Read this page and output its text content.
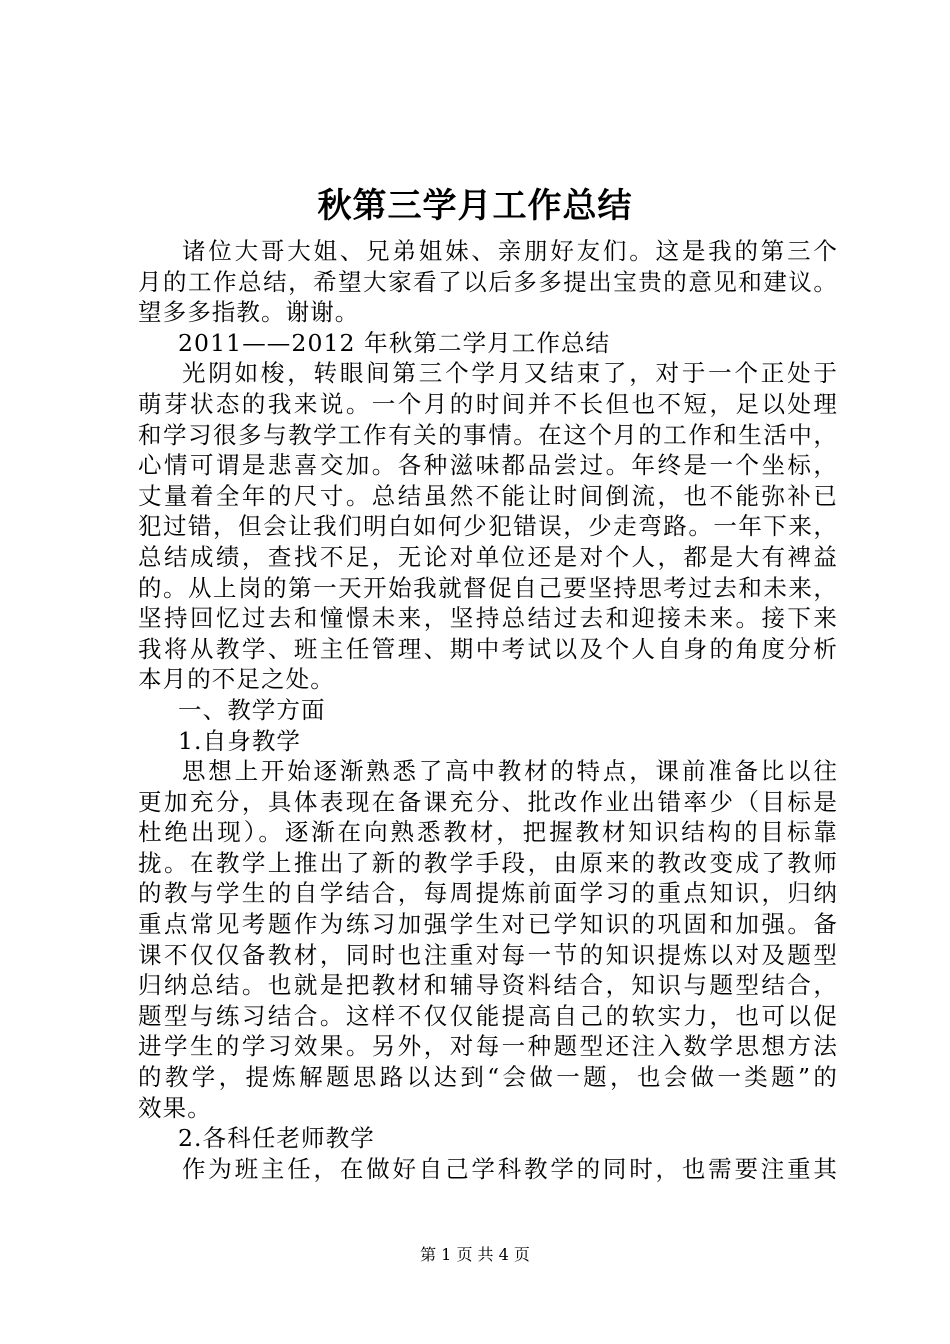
秋第三学月工作总结
诸位大哥大姐、兄弟姐妹、亲朋好友们。这是我的第三个
月的工作总结，希望大家看了以后多多提出宝贵的意见和建议。
望多多指教。谢谢。
2011——2012 年秋第二学月工作总结
光阴如梭，转眼间第三个学月又结束了，对于一个正处于
萌芽状态的我来说。一个月的时间并不长但也不短，足以处理
和学习很多与教学工作有关的事情。在这个月的工作和生活中，
心情可谓是悲喜交加。各种滋味都品尝过。年终是一个坐标，
丈量着全年的尺寸。总结虽然不能让时间倒流，也不能弥补已
犯过错，但会让我们明白如何少犯错误，少走弯路。一年下来，
总结成绩，查找不足，无论对单位还是对个人，都是大有裨益
的。从上岗的第一天开始我就督促自己要坚持思考过去和未来，
坚持回忆过去和憧憬未来，坚持总结过去和迎接未来。接下来
我将从教学、班主任管理、期中考试以及个人自身的角度分析
本月的不足之处。
一、教学方面
1.自身教学
思想上开始逐渐熟悉了高中教材的特点，课前准备比以往
更加充分，具体表现在备课充分、批改作业出错率少（目标是
杜绝出现）。逐渐在向熟悉教材，把握教材知识结构的目标靠
拢。在教学上推出了新的教学手段，由原来的教改变成了教师
的教与学生的自学结合，每周提炼前面学习的重点知识，归纳
重点常见考题作为练习加强学生对已学知识的巩固和加强。备
课不仅仅备教材，同时也注重对每一节的知识提炼以对及题型
归纳总结。也就是把教材和辅导资料结合，知识与题型结合，
题型与练习结合。这样不仅仅能提高自己的软实力，也可以促
进学生的学习效果。另外，对每一种题型还注入数学思想方法
的教学，提炼解题思路以达到“会做一题，也会做一类题”的
效果。
2.各科任老师教学
作为班主任，在做好自己学科教学的同时，也需要注重其
第 1 页 共 4 页
